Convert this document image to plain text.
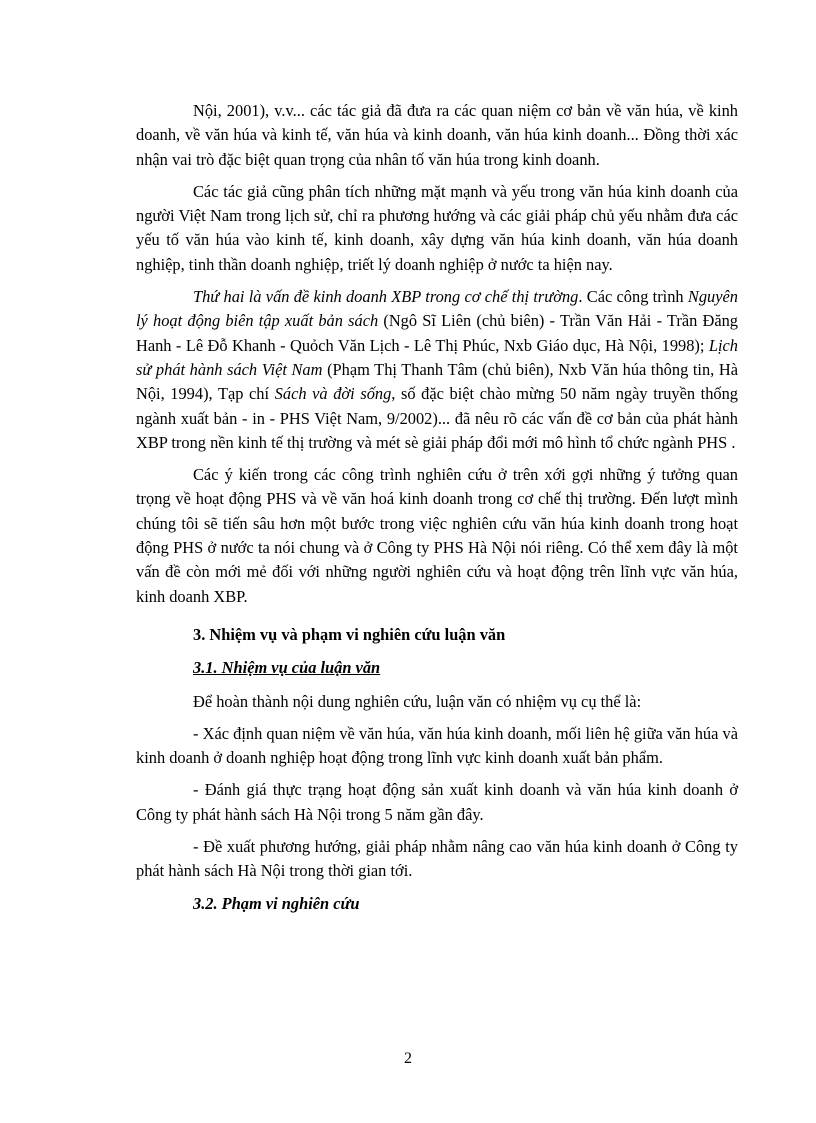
Nội, 2001), v.v... các tác giả đã đưa ra các quan niệm cơ bản về văn húa, về kinh doanh, về văn húa và kinh tế, văn húa và kinh doanh, văn húa kinh doanh... Đồng thời xác nhận vai trò đặc biệt quan trọng của nhân tố văn húa trong kinh doanh.

Các tác giả cũng phân tích những mặt mạnh và yếu trong văn húa kinh doanh của người Việt Nam trong lịch sử, chỉ ra phương hướng và các giải pháp chủ yếu nhằm đưa các yếu tố văn húa vào kinh tế, kinh doanh, xây dựng văn húa kinh doanh, văn húa doanh nghiệp, tinh thần doanh nghiệp, triết lý doanh nghiệp ở nước ta hiện nay.

Thứ hai là vấn đề kinh doanh XBP trong cơ chế thị trường. Các công trình Nguyên lý hoạt động biên tập xuất bản sách (Ngô Sĩ Liên (chủ biên) - Trần Văn Hải - Trần Đăng Hanh - Lê Đỗ Khanh - Quỏch Văn Lịch - Lê Thị Phúc, Nxb Giáo dục, Hà Nội, 1998); Lịch sử phát hành sách Việt Nam (Phạm Thị Thanh Tâm (chủ biên), Nxb Văn húa thông tin, Hà Nội, 1994), Tạp chí Sách và đời sống, số đặc biệt chào mừng 50 năm ngày truyền thống ngành xuất bản - in - PHS Việt Nam, 9/2002)... đã nêu rõ các vấn đề cơ bản của phát hành XBP trong nền kinh tế thị trường và mét sè giải pháp đổi mới mô hình tổ chức ngành PHS .

Các ý kiến trong các công trình nghiên cứu ở trên xới gợi những ý tưởng quan trọng về hoạt động PHS và về văn hoá kinh doanh trong cơ chế thị trường. Đến lượt mình chúng tôi sẽ tiến sâu hơn một bước trong việc nghiên cứu văn húa kinh doanh trong hoạt động PHS ở nước ta nói chung và ở Công ty PHS Hà Nội nói riêng. Có thể xem đây là một vấn đề còn mới mẻ đối với những người nghiên cứu và hoạt động trên lĩnh vực văn húa, kinh doanh XBP.

3. Nhiệm vụ và phạm vi nghiên cứu luận văn

3.1. Nhiệm vụ của luận văn

Để hoàn thành nội dung nghiên cứu, luận văn có nhiệm vụ cụ thể là:

- Xác định quan niệm về văn húa, văn húa kinh doanh, mối liên hệ giữa văn húa và kinh doanh ở doanh nghiệp hoạt động trong lĩnh vực kinh doanh xuất bản phẩm.

- Đánh giá thực trạng hoạt động sản xuất kinh doanh và văn húa kinh doanh ở Công ty phát hành sách Hà Nội trong 5 năm gần đây.

- Đề xuất phương hướng, giải pháp nhằm nâng cao văn húa kinh doanh ở Công ty phát hành sách Hà Nội trong thời gian tới.

3.2. Phạm vi nghiên cứu

2
